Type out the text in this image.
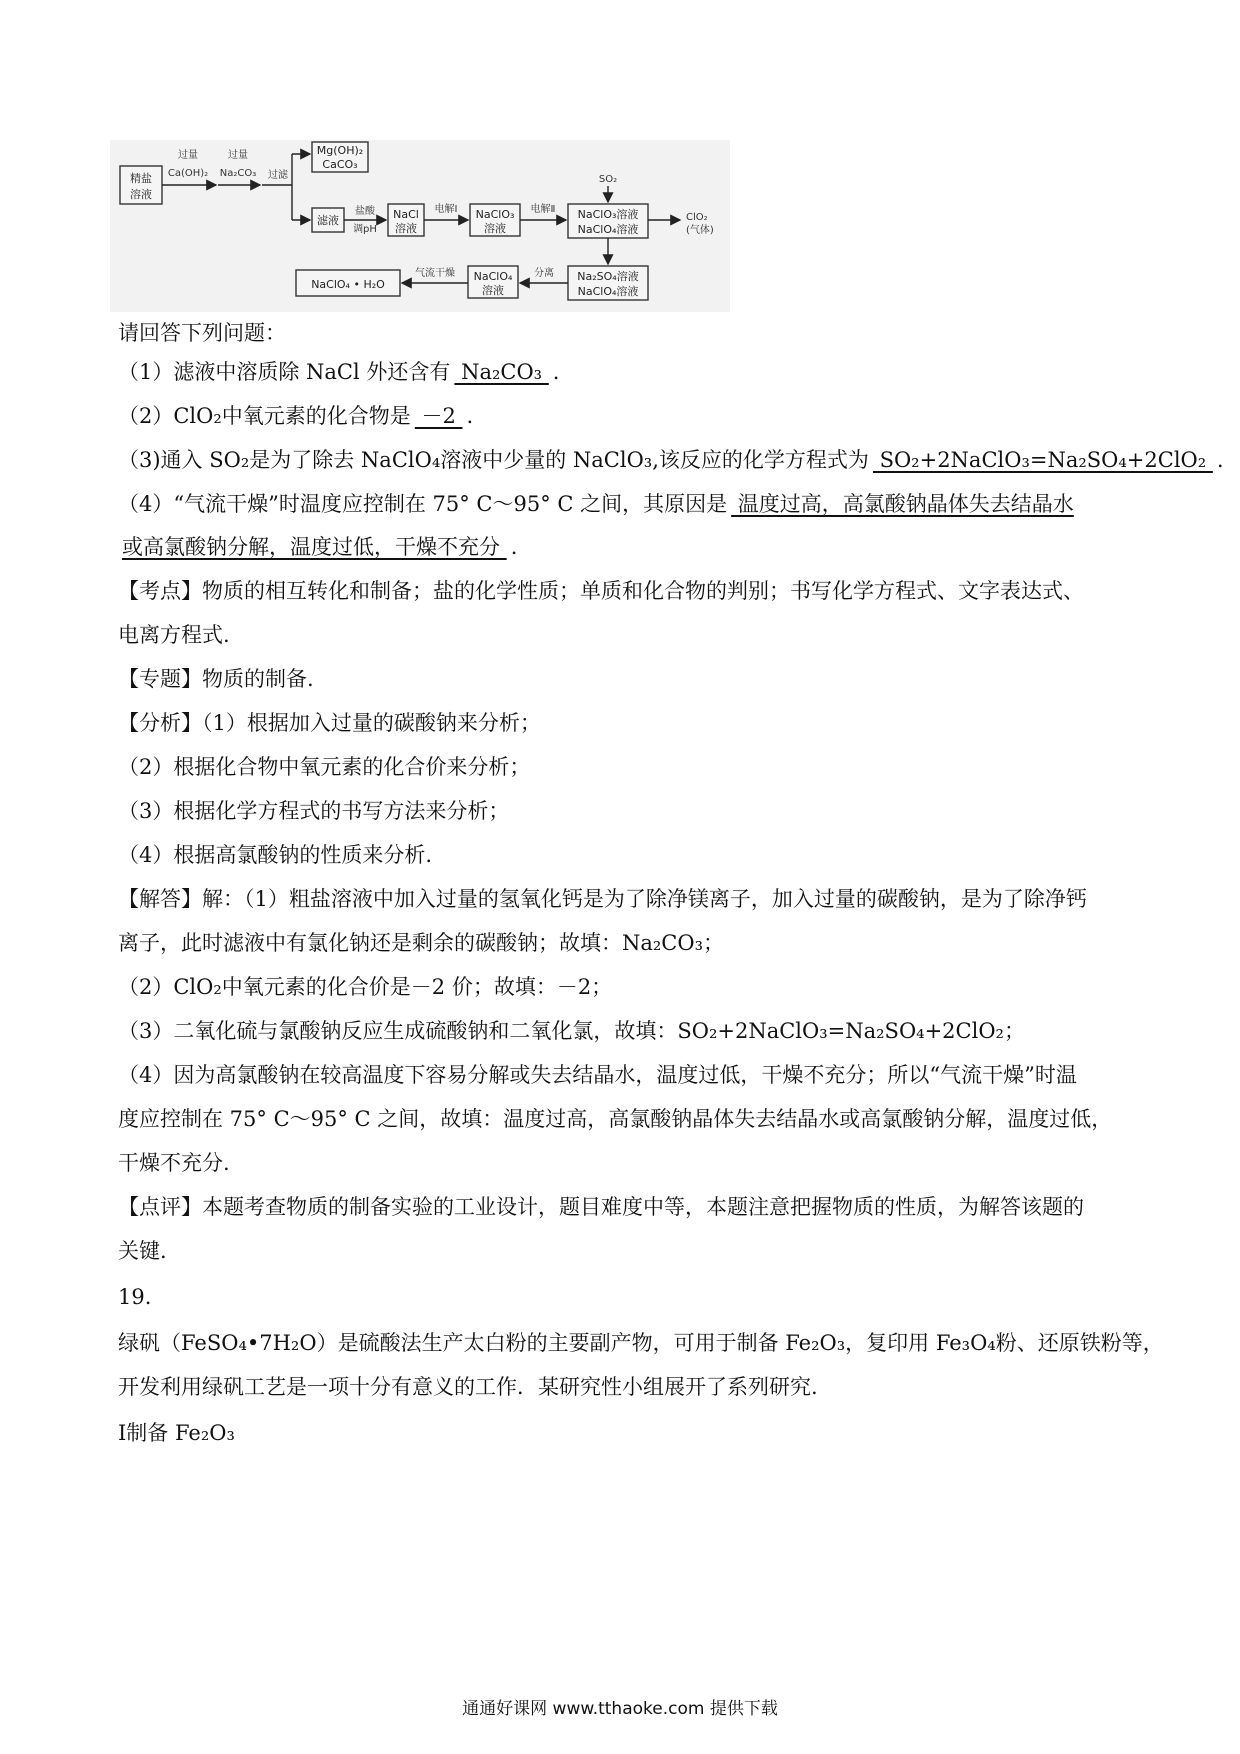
精盐
溶液
过量
Ca(OH)₂
过量
Na₂CO₃ 过滤
Mg(OH)₂
CaCO₃
滤液
盐酸
调pH
NaCl
溶液
电解Ⅰ NaClO₃
溶液
电解Ⅱ
SO₂
NaClO₃溶液
NaClO₄溶液
ClO₂
(气体)
Na₂SO₄溶液
NaClO₄溶液
分离
NaClO₄
溶液
气流干燥
NaClO₄ • H₂O
请回答下列问题：
（1）滤液中溶质除 NaCl 外还含有 Na₂CO₃ .
（2）ClO₂中氧元素的化合物是 －2 .
（3)通入 SO₂是为了除去 NaClO₄溶液中少量的 NaClO₃,该反应的化学方程式为 SO₂+2NaClO₃=Na₂SO₄+2ClO₂ .
（4）“气流干燥”时温度应控制在 75° C～95° C 之间，其原因是 温度过高，高氯酸钠晶体失去结晶水
或高氯酸钠分解，温度过低，干燥不充分 .
【考点】物质的相互转化和制备；盐的化学性质；单质和化合物的判别；书写化学方程式、文字表达式、
电离方程式.
【专题】物质的制备.
【分析】（1）根据加入过量的碳酸钠来分析；
（2）根据化合物中氧元素的化合价来分析；
（3）根据化学方程式的书写方法来分析；
（4）根据高氯酸钠的性质来分析.
【解答】解：（1）粗盐溶液中加入过量的氢氧化钙是为了除净镁离子，加入过量的碳酸钠，是为了除净钙
离子，此时滤液中有氯化钠还是剩余的碳酸钠；故填：Na₂CO₃；
（2）ClO₂中氧元素的化合价是－2 价；故填：－2；
（3）二氧化硫与氯酸钠反应生成硫酸钠和二氧化氯，故填：SO₂+2NaClO₃=Na₂SO₄+2ClO₂；
（4）因为高氯酸钠在较高温度下容易分解或失去结晶水，温度过低，干燥不充分；所以“气流干燥”时温
度应控制在 75° C～95° C 之间，故填：温度过高，高氯酸钠晶体失去结晶水或高氯酸钠分解，温度过低，
干燥不充分.
【点评】本题考查物质的制备实验的工业设计，题目难度中等，本题注意把握物质的性质，为解答该题的
关键.
19.
绿矾（FeSO₄•7H₂O）是硫酸法生产太白粉的主要副产物，可用于制备 Fe₂O₃，复印用 Fe₃O₄粉、还原铁粉等，
开发利用绿矾工艺是一项十分有意义的工作．某研究性小组展开了系列研究.
Ⅰ制备 Fe₂O₃
通通好课网 www.tthaoke.com 提供下载
